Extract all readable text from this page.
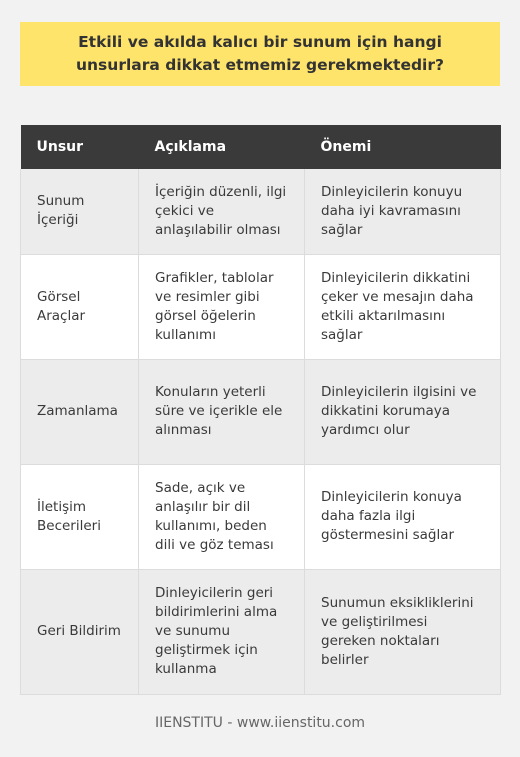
Etkili ve akılda kalıcı bir sunum için hangi unsurlara dikkat etmemiz gerekmektedir?
Unsur	Açıklama	Önemi
Sunum İçeriği	İçeriğin düzenli, ilgi çekici ve anlaşılabilir olması	Dinleyicilerin konuyu daha iyi kavramasını sağlar
Görsel Araçlar	Grafikler, tablolar ve resimler gibi görsel öğelerin kullanımı	Dinleyicilerin dikkatini çeker ve mesajın daha etkili aktarılmasını sağlar
Zamanlama	Konuların yeterli süre ve içerikle ele alınması	Dinleyicilerin ilgisini ve dikkatini korumaya yardımcı olur
İletişim Becerileri	Sade, açık ve anlaşılır bir dil kullanımı, beden dili ve göz teması	Dinleyicilerin konuya daha fazla ilgi göstermesini sağlar
Geri Bildirim	Dinleyicilerin geri bildirimlerini alma ve sunumu geliştirmek için kullanma	Sunumun eksikliklerini ve geliştirilmesi gereken noktaları belirler
IIENSTITU - www.iienstitu.com
